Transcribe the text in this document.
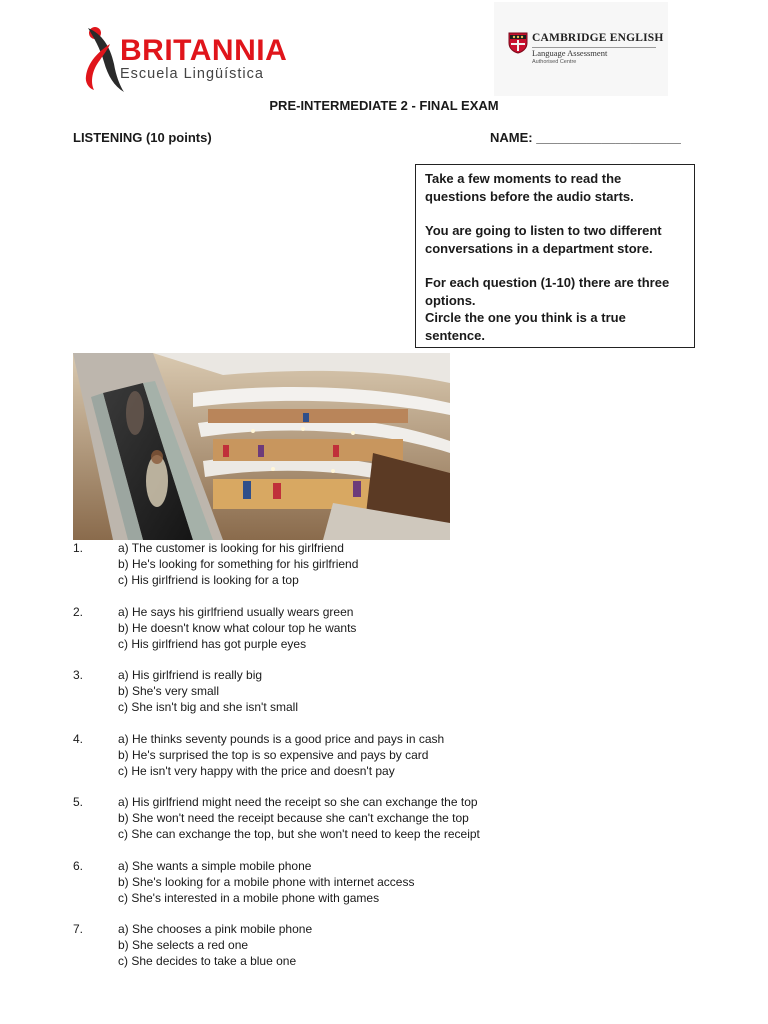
BRITANNIA
Escuela Lingüística
CAMBRIDGE ENGLISH
Language Assessment
Authorised Centre
PRE-INTERMEDIATE 2 - FINAL EXAM
LISTENING (10 points)	NAME: ____________________

Take a few moments to read the questions before the audio starts.

You are going to listen to two different conversations in a department store.

For each question (1-10) there are three options.
Circle the one you think is a true sentence.

1.	a) The customer is looking for his girlfriend
b) He's looking for something for his girlfriend
c) His girlfriend is looking for a top
2.	a) He says his girlfriend usually wears green
b) He doesn't know what colour top he wants
c) His girlfriend has got purple eyes
3.	a) His girlfriend is really big
b) She's very small
c) She isn't big and she isn't small
4.	a) He thinks seventy pounds is a good price and pays in cash
b) He's surprised the top is so expensive and pays by card
c) He isn't very happy with the price and doesn't pay
5.	a) His girlfriend might need the receipt so she can exchange the top
b) She won't need the receipt because she can't exchange the top
c) She can exchange the top, but she won't need to keep the receipt
6.	a) She wants a simple mobile phone
b) She's looking for a mobile phone with internet access
c) She's interested in a mobile phone with games
7.	a) She chooses a pink mobile phone
b) She selects a red one
c) She decides to take a blue one
